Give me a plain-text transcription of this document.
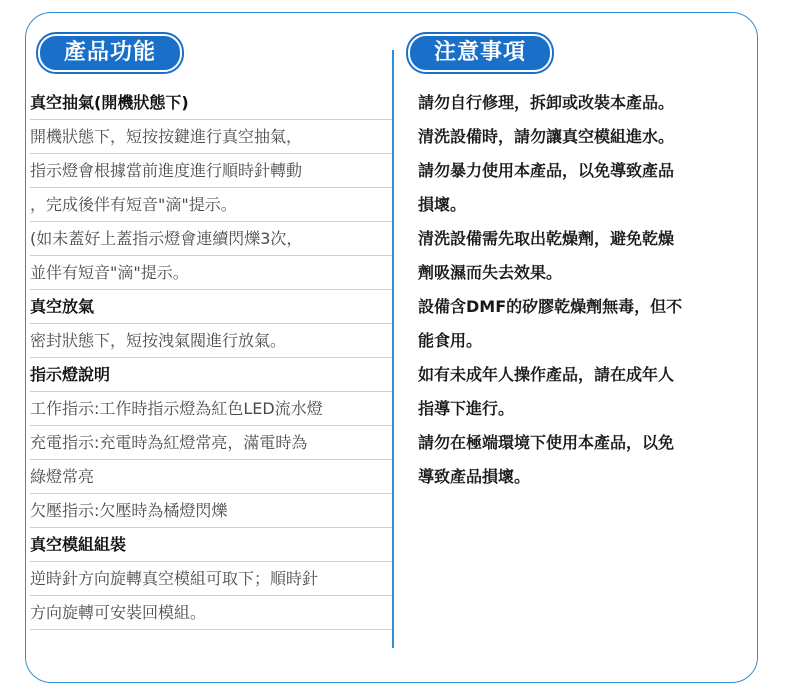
產品功能	注意事項
真空抽氣(開機狀態下)
開機狀態下，短按按鍵進行真空抽氣，
指示燈會根據當前進度進行順時針轉動
，完成後伴有短音"滴"提示。
(如未蓋好上蓋指示燈會連續閃爍3次，
並伴有短音"滴"提示。
真空放氣
密封狀態下，短按洩氣閥進行放氣。
指示燈說明
工作指示:工作時指示燈為紅色LED流水燈
充電指示:充電時為紅燈常亮，滿電時為
綠燈常亮
欠壓指示:欠壓時為橘燈閃爍
真空模組組裝
逆時針方向旋轉真空模組可取下；順時針
方向旋轉可安裝回模組。
請勿自行修理，拆卸或改裝本產品。
清洗設備時，請勿讓真空模組進水。
請勿暴力使用本產品，以免導致產品
損壞。
清洗設備需先取出乾燥劑，避免乾燥
劑吸濕而失去效果。
設備含DMF的矽膠乾燥劑無毒，但不
能食用。
如有未成年人操作產品，請在成年人
指導下進行。
請勿在極端環境下使用本產品，以免
導致產品損壞。
